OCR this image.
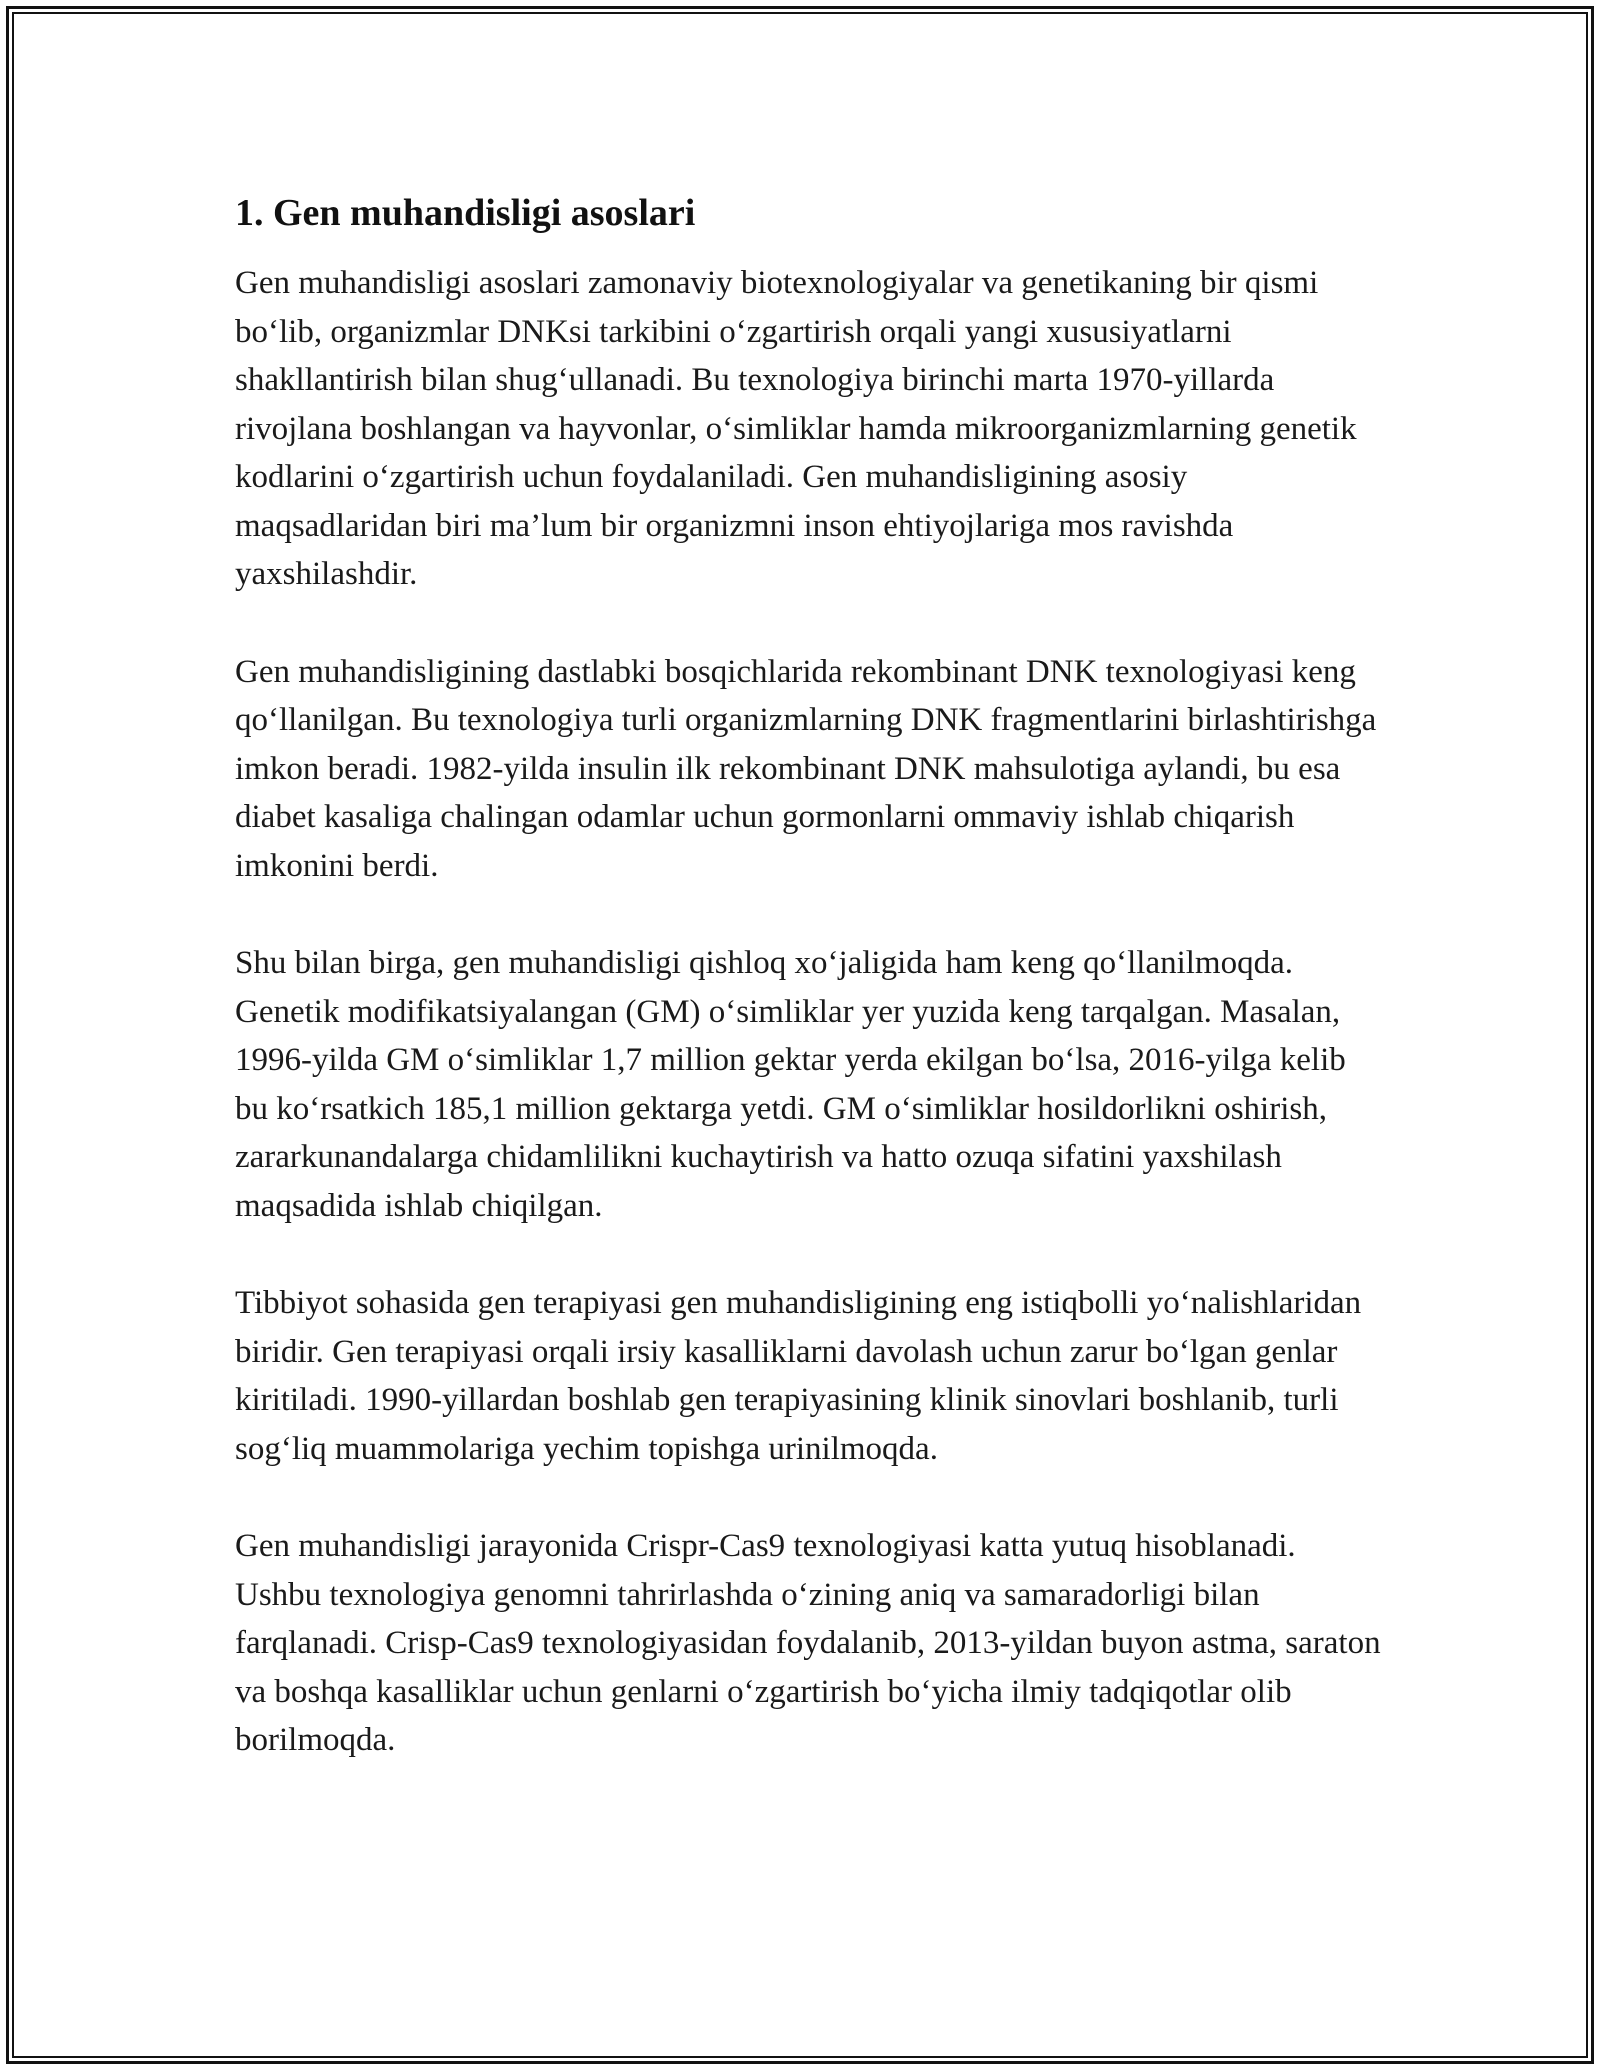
1. Gen muhandisligi asoslari

Gen muhandisligi asoslari zamonaviy biotexnologiyalar va genetikaning bir qismi bo‘lib, organizmlar DNKsi tarkibini o‘zgartirish orqali yangi xususiyatlarni shakllantirish bilan shug‘ullanadi. Bu texnologiya birinchi marta 1970-yillarda rivojlana boshlangan va hayvonlar, o‘simliklar hamda mikroorganizmlarning genetik kodlarini o‘zgartirish uchun foydalaniladi. Gen muhandisligining asosiy maqsadlaridan biri ma’lum bir organizmni inson ehtiyojlariga mos ravishda yaxshilashdir.

Gen muhandisligining dastlabki bosqichlarida rekombinant DNK texnologiyasi keng qo‘llanilgan. Bu texnologiya turli organizmlarning DNK fragmentlarini birlashtirishga imkon beradi. 1982-yilda insulin ilk rekombinant DNK mahsulotiga aylandi, bu esa diabet kasaliga chalingan odamlar uchun gormonlarni ommaviy ishlab chiqarish imkonini berdi.

Shu bilan birga, gen muhandisligi qishloq xo‘jaligida ham keng qo‘llanilmoqda. Genetik modifikatsiyalangan (GM) o‘simliklar yer yuzida keng tarqalgan. Masalan, 1996-yilda GM o‘simliklar 1,7 million gektar yerda ekilgan bo‘lsa, 2016-yilga kelib bu ko‘rsatkich 185,1 million gektarga yetdi. GM o‘simliklar hosildorlikni oshirish, zararkunandalarga chidamlilikni kuchaytirish va hatto ozuqa sifatini yaxshilash maqsadida ishlab chiqilgan.

Tibbiyot sohasida gen terapiyasi gen muhandisligining eng istiqbolli yo‘nalishlaridan biridir. Gen terapiyasi orqali irsiy kasalliklarni davolash uchun zarur bo‘lgan genlar kiritiladi. 1990-yillardan boshlab gen terapiyasining klinik sinovlari boshlanib, turli sog‘liq muammolariga yechim topishga urinilmoqda.

Gen muhandisligi jarayonida Crispr-Cas9 texnologiyasi katta yutuq hisoblanadi. Ushbu texnologiya genomni tahrirlashda o‘zining aniq va samaradorligi bilan farqlanadi. Crisp-Cas9 texnologiyasidan foydalanib, 2013-yildan buyon astma, saraton va boshqa kasalliklar uchun genlarni o‘zgartirish bo‘yicha ilmiy tadqiqotlar olib borilmoqda.
